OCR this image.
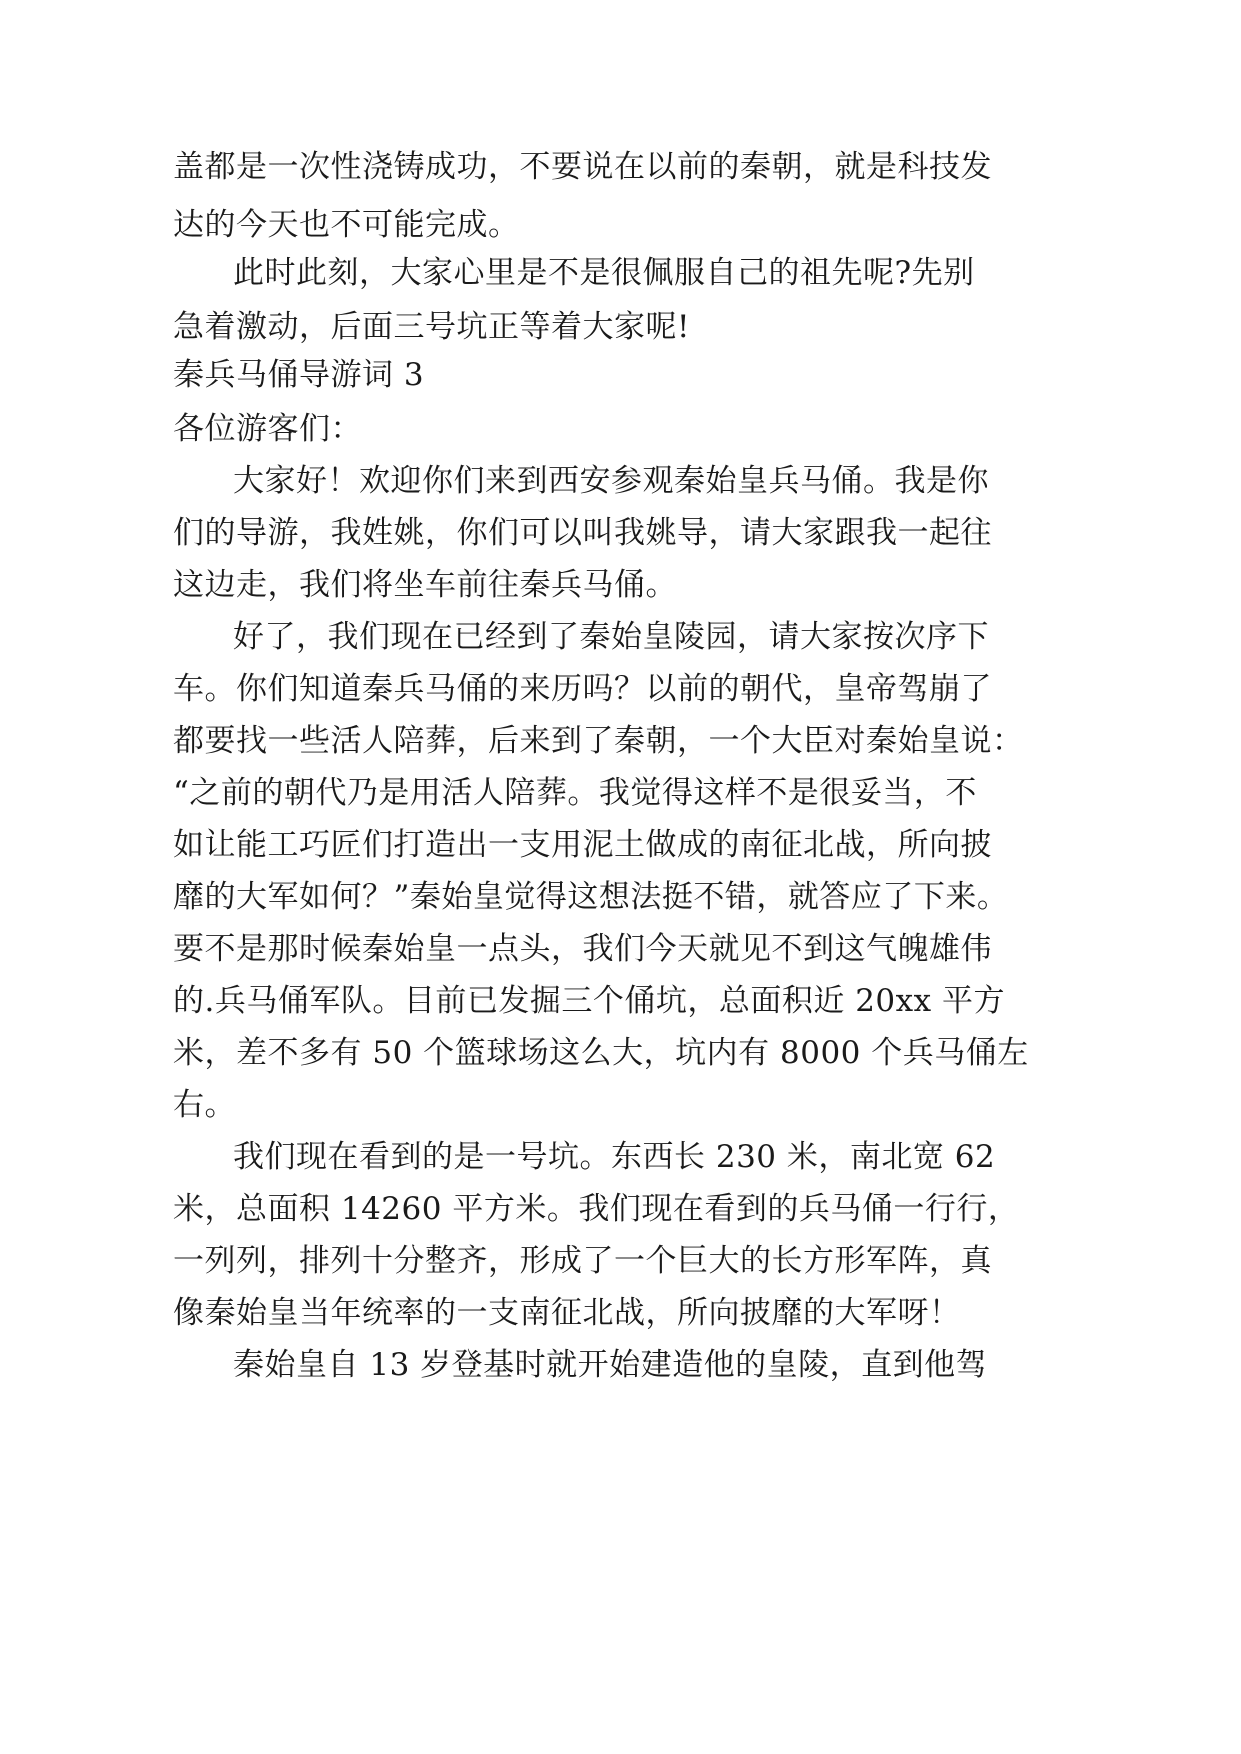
盖都是一次性浇铸成功，不要说在以前的秦朝，就是科技发
达的今天也不可能完成。
此时此刻，大家心里是不是很佩服自己的祖先呢?先别
急着激动，后面三号坑正等着大家呢!
秦兵马俑导游词 3
各位游客们：
大家好！欢迎你们来到西安参观秦始皇兵马俑。我是你
们的导游，我姓姚，你们可以叫我姚导，请大家跟我一起往
这边走，我们将坐车前往秦兵马俑。
好了，我们现在已经到了秦始皇陵园，请大家按次序下
车。你们知道秦兵马俑的来历吗？以前的朝代，皇帝驾崩了
都要找一些活人陪葬，后来到了秦朝，一个大臣对秦始皇说：
“之前的朝代乃是用活人陪葬。我觉得这样不是很妥当，不
如让能工巧匠们打造出一支用泥土做成的南征北战，所向披
靡的大军如何？”秦始皇觉得这想法挺不错，就答应了下来。
要不是那时候秦始皇一点头，我们今天就见不到这气魄雄伟
的.兵马俑军队。目前已发掘三个俑坑，总面积近 20xx 平方
米，差不多有 50 个篮球场这么大，坑内有 8000 个兵马俑左
右。
我们现在看到的是一号坑。东西长 230 米，南北宽 62
米，总面积 14260 平方米。我们现在看到的兵马俑一行行，
一列列，排列十分整齐，形成了一个巨大的长方形军阵，真
像秦始皇当年统率的一支南征北战，所向披靡的大军呀！
秦始皇自 13 岁登基时就开始建造他的皇陵，直到他驾
